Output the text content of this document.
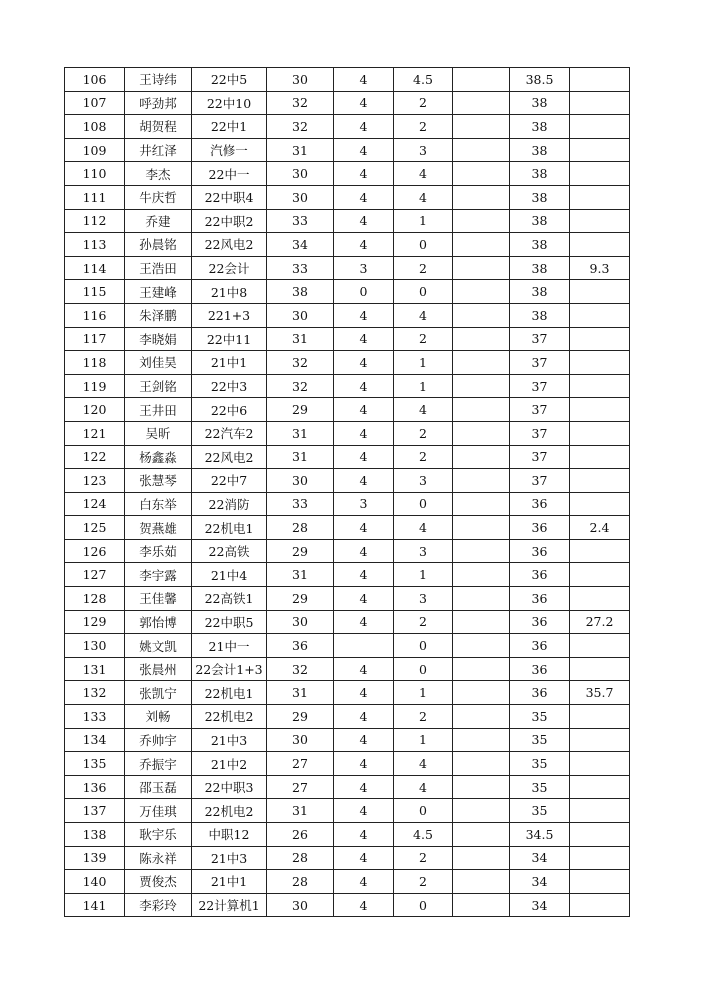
106	王诗纬	22中5	30	4	4.5		38.5	
107	呼劲邦	22中10	32	4	2		38	
108	胡贺程	22中1	32	4	2		38	
109	井红泽	汽修一	31	4	3		38	
110	李杰	22中一	30	4	4		38	
111	牛庆哲	22中职4	30	4	4		38	
112	乔建	22中职2	33	4	1		38	
113	孙晨铭	22风电2	34	4	0		38	
114	王浩田	22会计	33	3	2		38	9.3
115	王建峰	21中8	38	0	0		38	
116	朱泽鹏	221+3	30	4	4		38	
117	李晓娟	22中11	31	4	2		37	
118	刘佳昊	21中1	32	4	1		37	
119	王剑铭	22中3	32	4	1		37	
120	王井田	22中6	29	4	4		37	
121	吴昕	22汽车2	31	4	2		37	
122	杨鑫淼	22风电2	31	4	2		37	
123	张慧琴	22中7	30	4	3		37	
124	白东举	22消防	33	3	0		36	
125	贺燕雄	22机电1	28	4	4		36	2.4
126	李乐茹	22高铁	29	4	3		36	
127	李宇露	21中4	31	4	1		36	
128	王佳馨	22高铁1	29	4	3		36	
129	郭怡博	22中职5	30	4	2		36	27.2
130	姚文凯	21中一	36		0		36	
131	张晨州	22会计1+3	32	4	0		36	
132	张凯宁	22机电1	31	4	1		36	35.7
133	刘畅	22机电2	29	4	2		35	
134	乔帅宇	21中3	30	4	1		35	
135	乔振宇	21中2	27	4	4		35	
136	邵玉磊	22中职3	27	4	4		35	
137	万佳琪	22机电2	31	4	0		35	
138	耿宇乐	中职12	26	4	4.5		34.5	
139	陈永祥	21中3	28	4	2		34	
140	贾俊杰	21中1	28	4	2		34	
141	李彩玲	22计算机1	30	4	0		34	
